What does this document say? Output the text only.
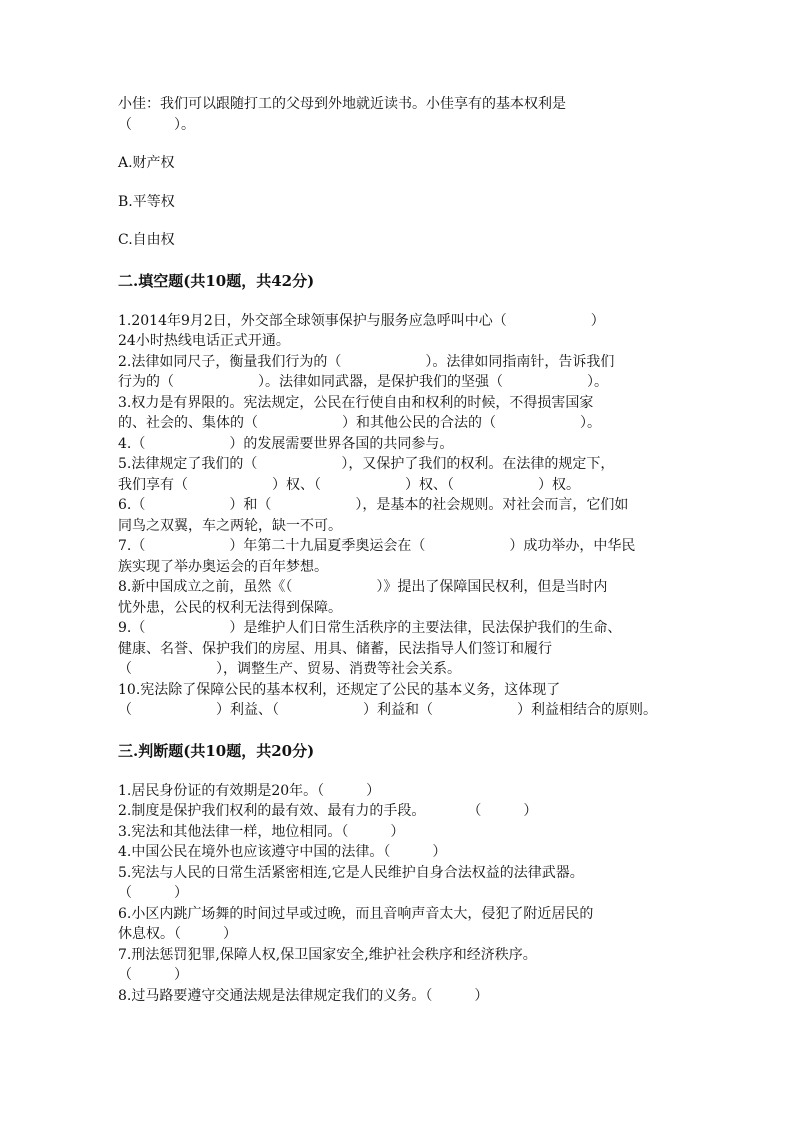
小佳：我们可以跟随打工的父母到外地就近读书。小佳享有的基本权利是
（　　　）。
A.财产权
B.平等权
C.自由权
二.填空题(共10题，共42分)
1.2014年9月2日，外交部全球领事保护与服务应急呼叫中心（　　　　　　）
24小时热线电话正式开通。
2.法律如同尺子，衡量我们行为的（　　　　　　）。法律如同指南针，告诉我们
行为的（　　　　　　）。法律如同武器，是保护我们的坚强（　　　　　　）。
3.权力是有界限的。宪法规定，公民在行使自由和权利的时候，不得损害国家
的、社会的、集体的（　　　　　　）和其他公民的合法的（　　　　　　）。
4.（　　　　　　）的发展需要世界各国的共同参与。
5.法律规定了我们的（　　　　　　），又保护了我们的权利。在法律的规定下，
我们享有（　　　　　　）权、（　　　　　　）权、（　　　　　　）权。
6.（　　　　　　）和（　　　　　　），是基本的社会规则。对社会而言，它们如
同鸟之双翼，车之两轮，缺一不可。
7.（　　　　　　）年第二十九届夏季奥运会在（　　　　　　）成功举办，中华民
族实现了举办奥运会的百年梦想。
8.新中国成立之前，虽然《（　　　　　　）》提出了保障国民权利，但是当时内
忧外患，公民的权利无法得到保障。
9.（　　　　　　）是维护人们日常生活秩序的主要法律，民法保护我们的生命、
健康、名誉、保护我们的房屋、用具、储蓄，民法指导人们签订和履行
（　　　　　　），调整生产、贸易、消费等社会关系。
10.宪法除了保障公民的基本权利，还规定了公民的基本义务，这体现了
（　　　　　　）利益、（　　　　　　）利益和（　　　　　　）利益相结合的原则。
三.判断题(共10题，共20分)
1.居民身份证的有效期是20年。（　　　）
2.制度是保护我们权利的最有效、最有力的手段。　　　　（　　　）
3.宪法和其他法律一样，地位相同。（　　　）
4.中国公民在境外也应该遵守中国的法律。（　　　）
5.宪法与人民的日常生活紧密相连,它是人民维护自身合法权益的法律武器。
（　　　）
6.小区内跳广场舞的时间过早或过晚，而且音响声音太大，侵犯了附近居民的
休息权。（　　　）
7.刑法惩罚犯罪,保障人权,保卫国家安全,维护社会秩序和经济秩序。
（　　　）
8.过马路要遵守交通法规是法律规定我们的义务。（　　　）
